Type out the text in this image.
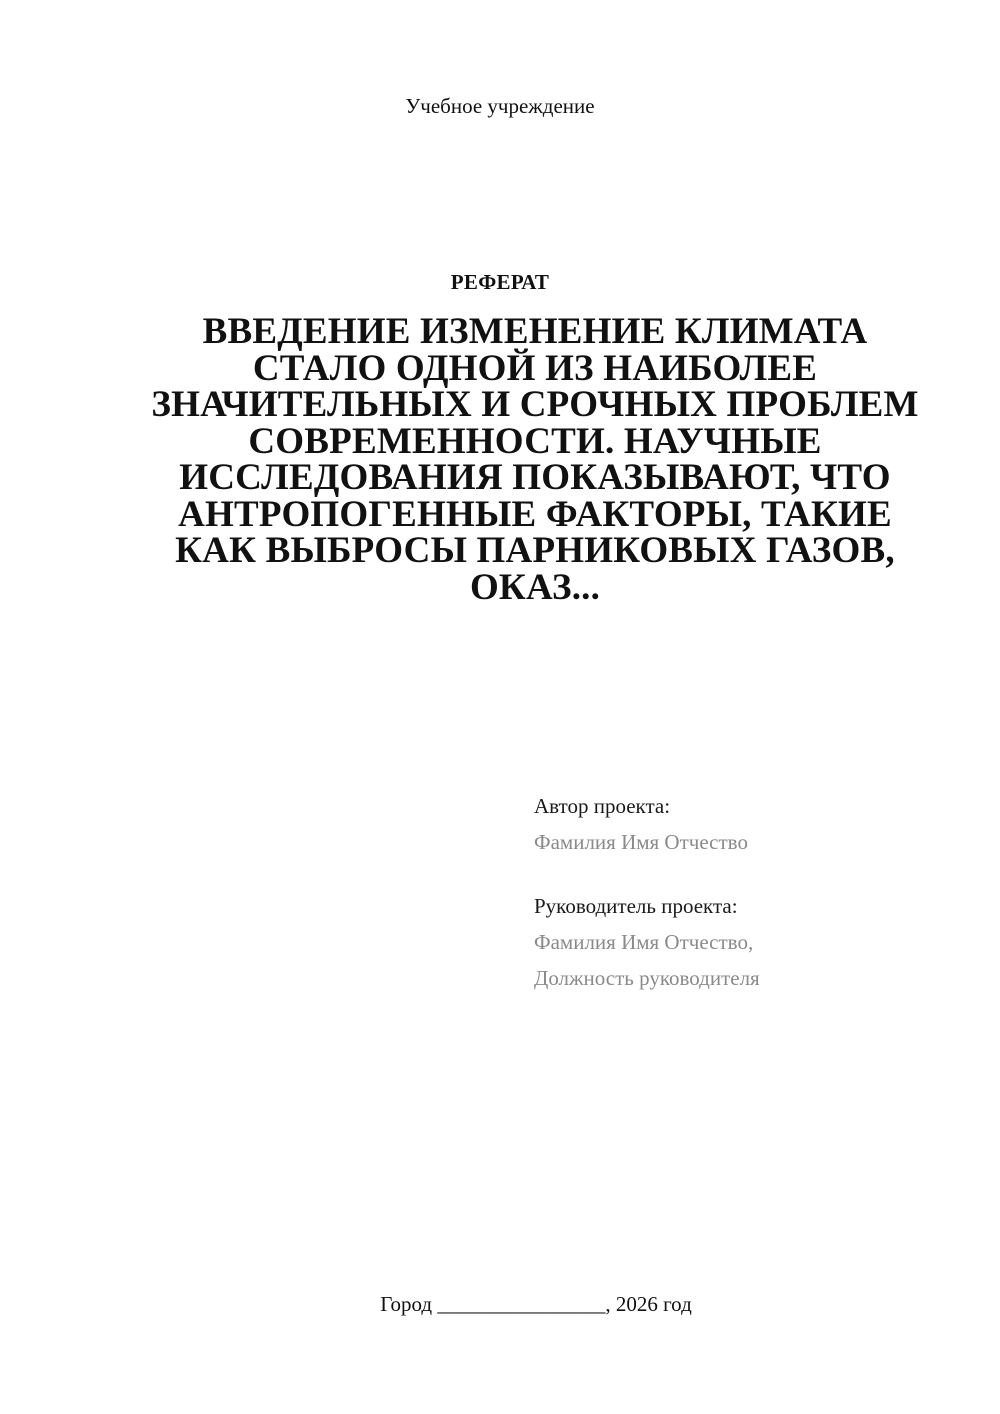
Учебное учреждение
РЕФЕРАТ
ВВЕДЕНИЕ ИЗМЕНЕНИЕ КЛИМАТА СТАЛО ОДНОЙ ИЗ НАИБОЛЕЕ ЗНАЧИТЕЛЬНЫХ И СРОЧНЫХ ПРОБЛЕМ СОВРЕМЕННОСТИ. НАУЧНЫЕ ИССЛЕДОВАНИЯ ПОКАЗЫВАЮТ, ЧТО АНТРОПОГЕННЫЕ ФАКТОРЫ, ТАКИЕ КАК ВЫБРОСЫ ПАРНИКОВЫХ ГАЗОВ, ОКАЗ...
Автор проекта:
Фамилия Имя Отчество
Руководитель проекта:
Фамилия Имя Отчество,
Должность руководителя
Город ________________, 2026 год
